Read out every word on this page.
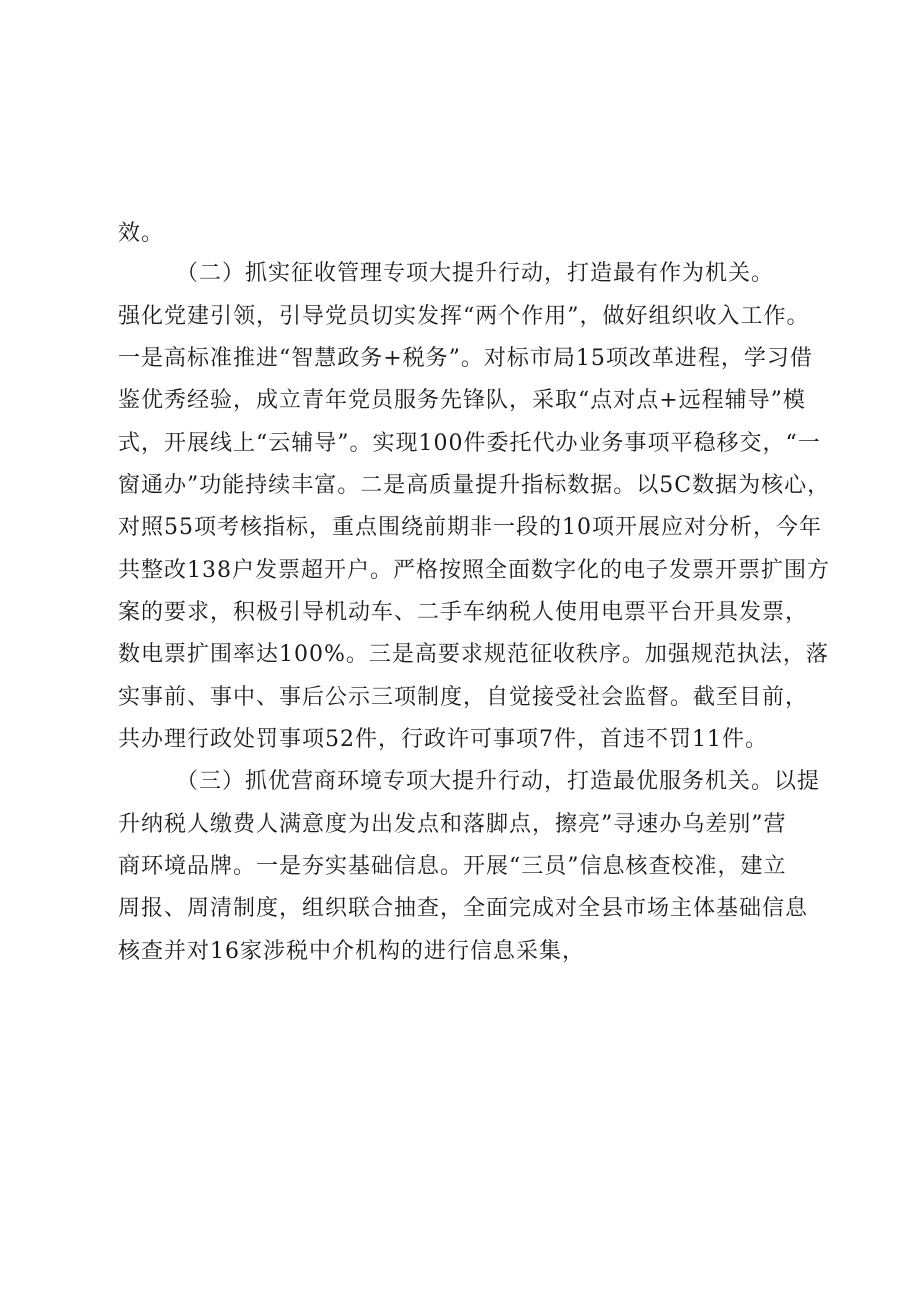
效。
（二）抓实征收管理专项大提升行动，打造最有作为机关。
强化党建引领，引导党员切实发挥“两个作用”，做好组织收入工作。
一是高标准推进“智慧政务+税务”。对标市局15项改革进程，学习借
鉴优秀经验，成立青年党员服务先锋队，采取“点对点+远程辅导”模
式，开展线上“云辅导”。实现100件委托代办业务事项平稳移交，“一
窗通办”功能持续丰富。二是高质量提升指标数据。以5C数据为核心，
对照55项考核指标，重点围绕前期非一段的10项开展应对分析，今年
共整改138户发票超开户。严格按照全面数字化的电子发票开票扩围方
案的要求，积极引导机动车、二手车纳税人使用电票平台开具发票，
数电票扩围率达100%。三是高要求规范征收秩序。加强规范执法，落
实事前、事中、事后公示三项制度，自觉接受社会监督。截至目前，
共办理行政处罚事项52件，行政许可事项7件，首违不罚11件。
（三）抓优营商环境专项大提升行动，打造最优服务机关。以提
升纳税人缴费人满意度为出发点和落脚点，擦亮”寻速办乌差别”营
商环境品牌。一是夯实基础信息。开展“三员”信息核查校准，建立
周报、周清制度，组织联合抽查，全面完成对全县市场主体基础信息
核查并对16家涉税中介机构的进行信息采集，
